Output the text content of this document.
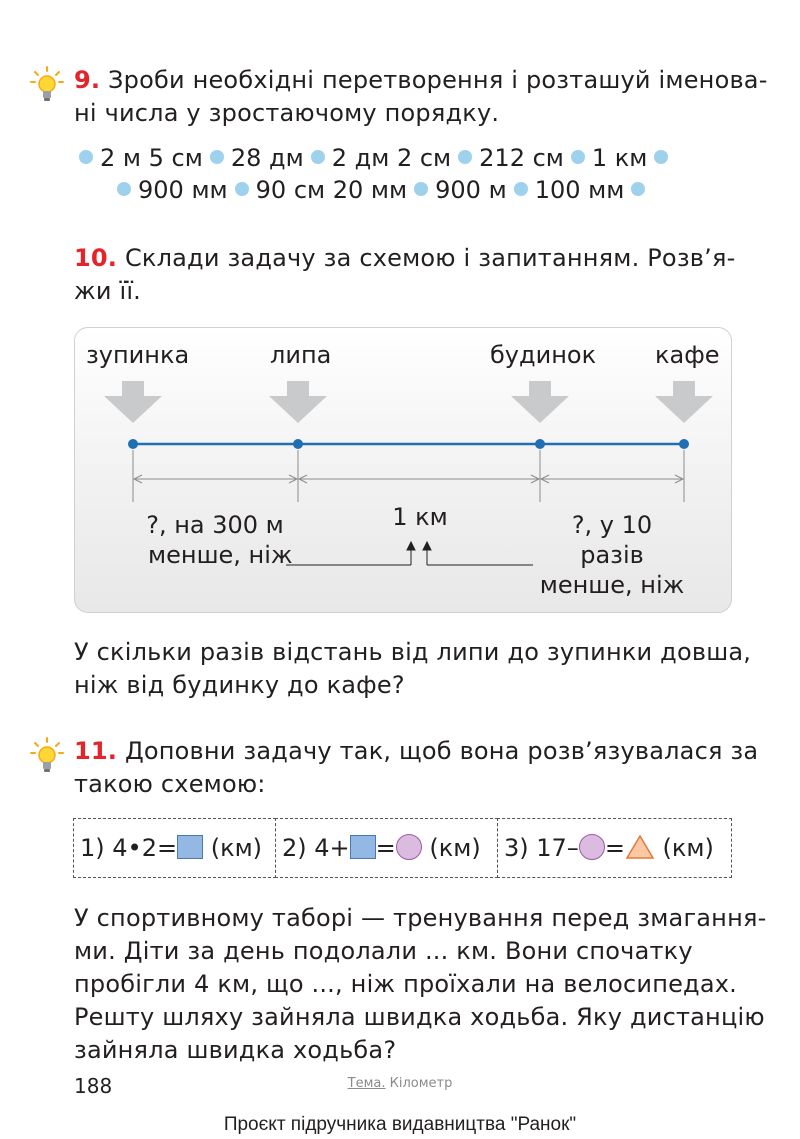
9. Зроби необхідні перетворення і розташуй іменова-
ні числа у зростаючому порядку.
2 м 5 см 28 дм 2 дм 2 см 212 см 1 км
900 мм 90 см 20 мм 900 м 100 мм
10. Склади задачу за схемою і запитанням. Розв’я-
жи її.
зупинка	липа	будинок кафе
?, на 300 м
менше, ніж
1 км	?, у 10
разів
менше, ніж
У скільки разів відстань від липи до зупинки довша,
ніж від будинку до кафе?
11. Доповни задачу так, щоб вона розв’язувалася за
такою схемою:
1) 4•2= (км) 2) 4+ = (км) 3) 17– = (км)
У спортивному таборі — тренування перед змагання-
ми. Діти за день подолали ... км. Вони спочатку
пробігли 4 км, що ..., ніж проїхали на велосипедах.
Решту шляху зайняла швидка ходьба. Яку дистанцію
зайняла швидка ходьба?
188	Тема. Кілометр
Проєкт підручника видавництва "Ранок"
